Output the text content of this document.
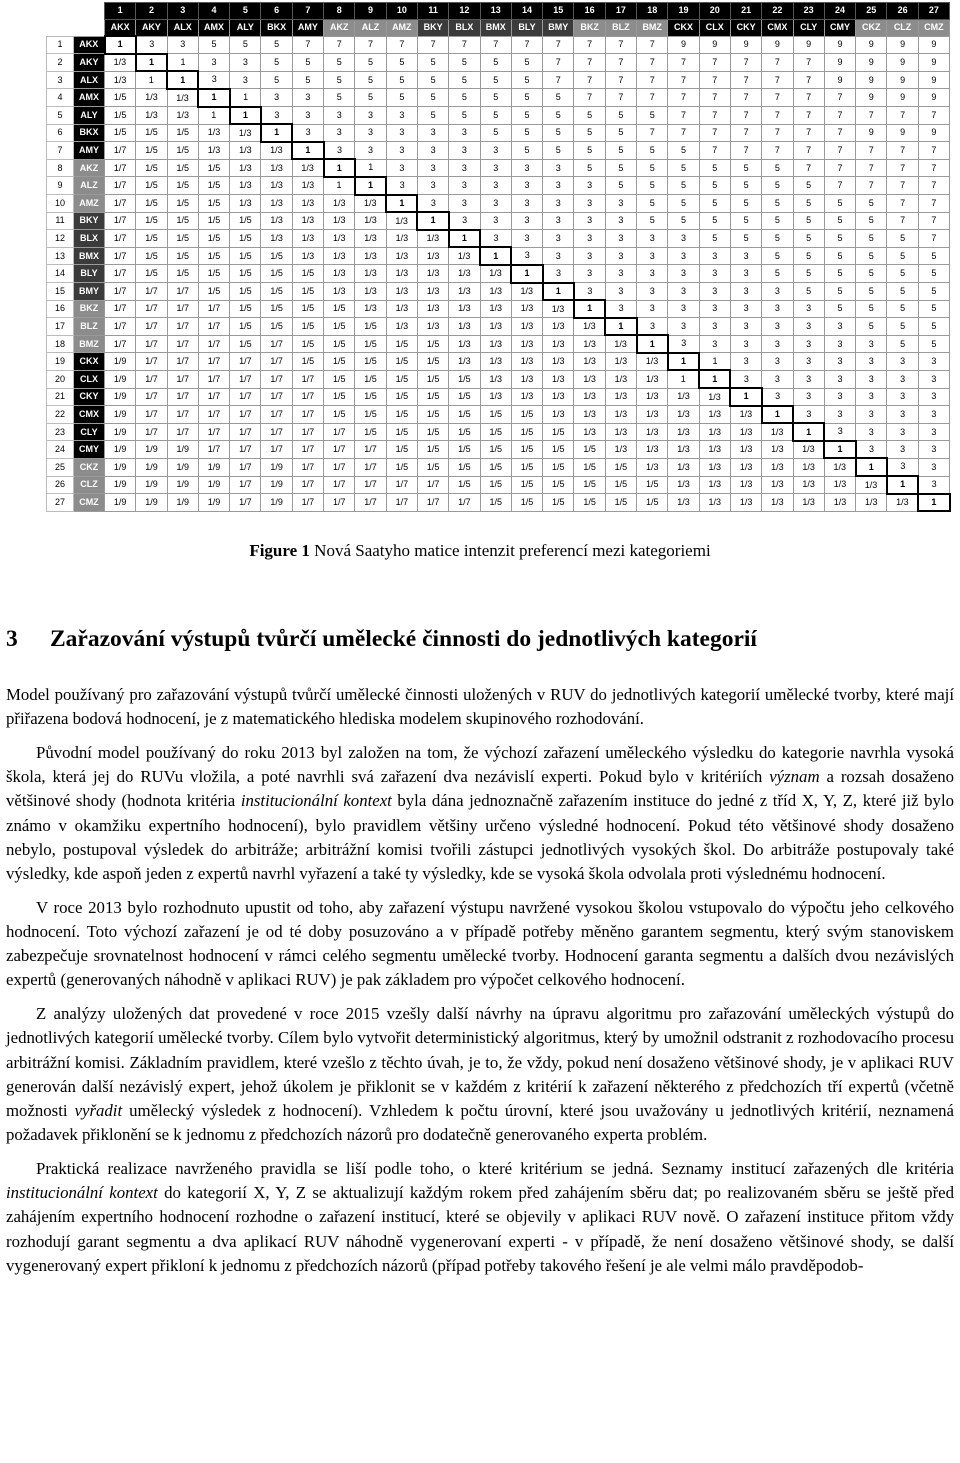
		1	2	3	4	5	6	7	8	9	10	11	12	13	14	15	16	17	18	19	20	21	22	23	24	25	26	27
		AKX	AKY	ALX	AMX	ALY	BKX	AMY	AKZ	ALZ	AMZ	BKY	BLX	BMX	BLY	BMY	BKZ	BLZ	BMZ	CKX	CLX	CKY	CMX	CLY	CMY	CKZ	CLZ	CMZ
1	AKX	1	3	3	5	5	5	7	7	7	7	7	7	7	7	7	7	7	7	9	9	9	9	9	9	9	9	9
2	AKY	1/3	1	1	3	3	5	5	5	5	5	5	5	5	5	7	7	7	7	7	7	7	7	7	9	9	9	9
3	ALX	1/3	1	1	3	3	5	5	5	5	5	5	5	5	5	7	7	7	7	7	7	7	7	7	9	9	9	9
4	AMX	1/5	1/3	1/3	1	1	3	3	5	5	5	5	5	5	5	5	7	7	7	7	7	7	7	7	7	9	9	9
5	ALY	1/5	1/3	1/3	1	1	3	3	3	3	3	5	5	5	5	5	5	5	5	7	7	7	7	7	7	7	7	7
6	BKX	1/5	1/5	1/5	1/3	1/3	1	3	3	3	3	3	3	5	5	5	5	5	7	7	7	7	7	7	7	9	9	9
7	AMY	1/7	1/5	1/5	1/3	1/3	1/3	1	3	3	3	3	3	3	5	5	5	5	5	5	7	7	7	7	7	7	7	7
8	AKZ	1/7	1/5	1/5	1/5	1/3	1/3	1/3	1	1	3	3	3	3	3	3	5	5	5	5	5	5	5	7	7	7	7	7
9	ALZ	1/7	1/5	1/5	1/5	1/3	1/3	1/3	1	1	3	3	3	3	3	3	3	5	5	5	5	5	5	5	7	7	7	7
10	AMZ	1/7	1/5	1/5	1/5	1/3	1/3	1/3	1/3	1/3	1	3	3	3	3	3	3	3	5	5	5	5	5	5	5	5	7	7
11	BKY	1/7	1/5	1/5	1/5	1/5	1/3	1/3	1/3	1/3	1/3	1	3	3	3	3	3	3	5	5	5	5	5	5	5	5	7	7
12	BLX	1/7	1/5	1/5	1/5	1/5	1/3	1/3	1/3	1/3	1/3	1/3	1	3	3	3	3	3	3	3	5	5	5	5	5	5	5	7
13	BMX	1/7	1/5	1/5	1/5	1/5	1/5	1/3	1/3	1/3	1/3	1/3	1/3	1	3	3	3	3	3	3	3	3	5	5	5	5	5	5
14	BLY	1/7	1/5	1/5	1/5	1/5	1/5	1/5	1/3	1/3	1/3	1/3	1/3	1/3	1	3	3	3	3	3	3	3	5	5	5	5	5	5
15	BMY	1/7	1/7	1/7	1/5	1/5	1/5	1/5	1/3	1/3	1/3	1/3	1/3	1/3	1/3	1	3	3	3	3	3	3	3	5	5	5	5	5
16	BKZ	1/7	1/7	1/7	1/7	1/5	1/5	1/5	1/5	1/3	1/3	1/3	1/3	1/3	1/3	1/3	1	3	3	3	3	3	3	3	5	5	5	5
17	BLZ	1/7	1/7	1/7	1/7	1/5	1/5	1/5	1/5	1/5	1/3	1/3	1/3	1/3	1/3	1/3	1/3	1	3	3	3	3	3	3	3	5	5	5
18	BMZ	1/7	1/7	1/7	1/7	1/5	1/7	1/5	1/5	1/5	1/5	1/5	1/3	1/3	1/3	1/3	1/3	1/3	1	3	3	3	3	3	3	3	5	5
19	CKX	1/9	1/7	1/7	1/7	1/7	1/7	1/5	1/5	1/5	1/5	1/5	1/3	1/3	1/3	1/3	1/3	1/3	1/3	1	1	3	3	3	3	3	3	3
20	CLX	1/9	1/7	1/7	1/7	1/7	1/7	1/7	1/5	1/5	1/5	1/5	1/5	1/3	1/3	1/3	1/3	1/3	1/3	1	1	3	3	3	3	3	3	3
21	CKY	1/9	1/7	1/7	1/7	1/7	1/7	1/7	1/5	1/5	1/5	1/5	1/5	1/3	1/3	1/3	1/3	1/3	1/3	1/3	1/3	1	3	3	3	3	3	3
22	CMX	1/9	1/7	1/7	1/7	1/7	1/7	1/7	1/5	1/5	1/5	1/5	1/5	1/5	1/5	1/3	1/3	1/3	1/3	1/3	1/3	1/3	1	3	3	3	3	3
23	CLY	1/9	1/7	1/7	1/7	1/7	1/7	1/7	1/7	1/5	1/5	1/5	1/5	1/5	1/5	1/5	1/3	1/3	1/3	1/3	1/3	1/3	1/3	1	3	3	3	3
24	CMY	1/9	1/9	1/9	1/7	1/7	1/7	1/7	1/7	1/7	1/5	1/5	1/5	1/5	1/5	1/5	1/5	1/3	1/3	1/3	1/3	1/3	1/3	1/3	1	3	3	3
25	CKZ	1/9	1/9	1/9	1/9	1/7	1/9	1/7	1/7	1/7	1/5	1/5	1/5	1/5	1/5	1/5	1/5	1/5	1/3	1/3	1/3	1/3	1/3	1/3	1/3	1	3	3
26	CLZ	1/9	1/9	1/9	1/9	1/7	1/9	1/7	1/7	1/7	1/7	1/7	1/5	1/5	1/5	1/5	1/5	1/5	1/5	1/3	1/3	1/3	1/3	1/3	1/3	1/3	1	3
27	CMZ	1/9	1/9	1/9	1/9	1/7	1/9	1/7	1/7	1/7	1/7	1/7	1/7	1/5	1/5	1/5	1/5	1/5	1/5	1/3	1/3	1/3	1/3	1/3	1/3	1/3	1/3	1
Figure 1 Nová Saatyho matice intenzit preferencí mezi kategoriemi
3 Zařazování výstupů tvůrčí umělecké činnosti do jednotlivých kategorií

Model používaný pro zařazování výstupů tvůrčí umělecké činnosti uložených v RUV do jednotlivých kategorií umělecké tvorby, které mají přiřazena bodová hodnocení, je z matematického hlediska modelem skupinového rozhodování.

Původní model používaný do roku 2013 byl založen na tom, že výchozí zařazení uměleckého výsledku do kategorie navrhla vysoká škola, která jej do RUVu vložila, a poté navrhli svá zařazení dva nezávislí experti. Pokud bylo v kritériích význam a rozsah dosaženo většinové shody (hodnota kritéria institucionální kontext byla dána jednoznačně zařazením instituce do jedné z tříd X, Y, Z, které již bylo známo v okamžiku expertního hodnocení), bylo pravidlem většiny určeno výsledné hodnocení. Pokud této většinové shody dosaženo nebylo, postupoval výsledek do arbitráže; arbitrážní komisi tvořili zástupci jednotlivých vysokých škol. Do arbitráže postupovaly také výsledky, kde aspoň jeden z expertů navrhl vyřazení a také ty výsledky, kde se vysoká škola odvolala proti výslednému hodnocení.

V roce 2013 bylo rozhodnuto upustit od toho, aby zařazení výstupu navržené vysokou školou vstupovalo do výpočtu jeho celkového hodnocení. Toto výchozí zařazení je od té doby posuzováno a v případě potřeby měněno garantem segmentu, který svým stanoviskem zabezpečuje srovnatelnost hodnocení v rámci celého segmentu umělecké tvorby. Hodnocení garanta segmentu a dalších dvou nezávislých expertů (generovaných náhodně v aplikaci RUV) je pak základem pro výpočet celkového hodnocení.

Z analýzy uložených dat provedené v roce 2015 vzešly další návrhy na úpravu algoritmu pro zařazování uměleckých výstupů do jednotlivých kategorií umělecké tvorby. Cílem bylo vytvořit deterministický algoritmus, který by umožnil odstranit z rozhodovacího procesu arbitrážní komisi. Základním pravidlem, které vzešlo z těchto úvah, je to, že vždy, pokud není dosaženo většinové shody, je v aplikaci RUV generován další nezávislý expert, jehož úkolem je přiklonit se v každém z kritérií k zařazení některého z předchozích tří expertů (včetně možnosti vyřadit umělecký výsledek z hodnocení). Vzhledem k počtu úrovní, které jsou uvažovány u jednotlivých kritérií, neznamená požadavek přiklonění se k jednomu z předchozích názorů pro dodatečně generovaného experta problém.

Praktická realizace navrženého pravidla se liší podle toho, o které kritérium se jedná. Seznamy institucí zařazených dle kritéria institucionální kontext do kategorií X, Y, Z se aktualizují každým rokem před zahájením sběru dat; po realizovaném sběru se ještě před zahájením expertního hodnocení rozhodne o zařazení institucí, které se objevily v aplikaci RUV nově. O zařazení instituce přitom vždy rozhodují garant segmentu a dva aplikací RUV náhodně vygenerovaní experti - v případě, že není dosaženo většinové shody, se další vygenerovaný expert přikloní k jednomu z předchozích názorů (případ potřeby takového řešení je ale velmi málo pravděpodob-
